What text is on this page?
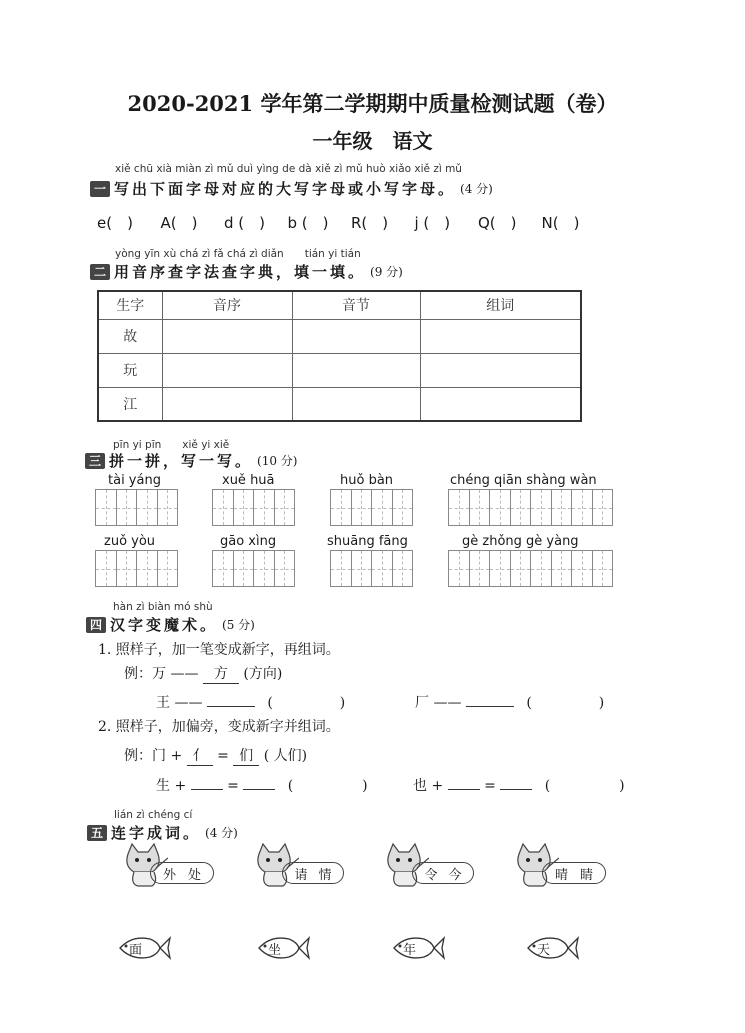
2020-2021 学年第二学期期中质量检测试题（卷）
一年级　语文
xiě chū xià miàn zì mǔ duì yìng de dà xiě zì mǔ huò xiǎo xiě zì mǔ
一 写出下面字母对应的大写字母或小写字母。 (4 分)
e(　)	A(　)	d (　)	b (　)	R(　)	j (　)	Q(　)	N(　)
yòng yīn xù chá zì fǎ chá zì diǎn　　tián yi tián
二 用音序查字法查字典，填一填。 (9 分)
生字	音序	音节	组词
故			
玩			
江			
pīn yi pīn　　xiě yi xiě
三 拼一拼，写一写。 (10 分)
tài yáng	xuě huā	huǒ bàn	chéng qiān shàng wàn
zuǒ yòu	gāo xìng	shuāng fāng	gè zhǒng gè yàng
hàn zì biàn mó shù
四 汉字变魔术。 (5 分)
1. 照样子，加一笔变成新字，再组词。
例：万 —— 方 (方向)
王 ——	(	)	厂 ——	(	)
2. 照样子，加偏旁，变成新字并组词。
例：门 + 亻 = 们 ( 人们)
生 +	=	(	)	也 +	=	(	)
lián zì chéng cí
五 连字成词。 (4 分)
外 处	请 情	令 今	晴 睛
面	坐	年	天
